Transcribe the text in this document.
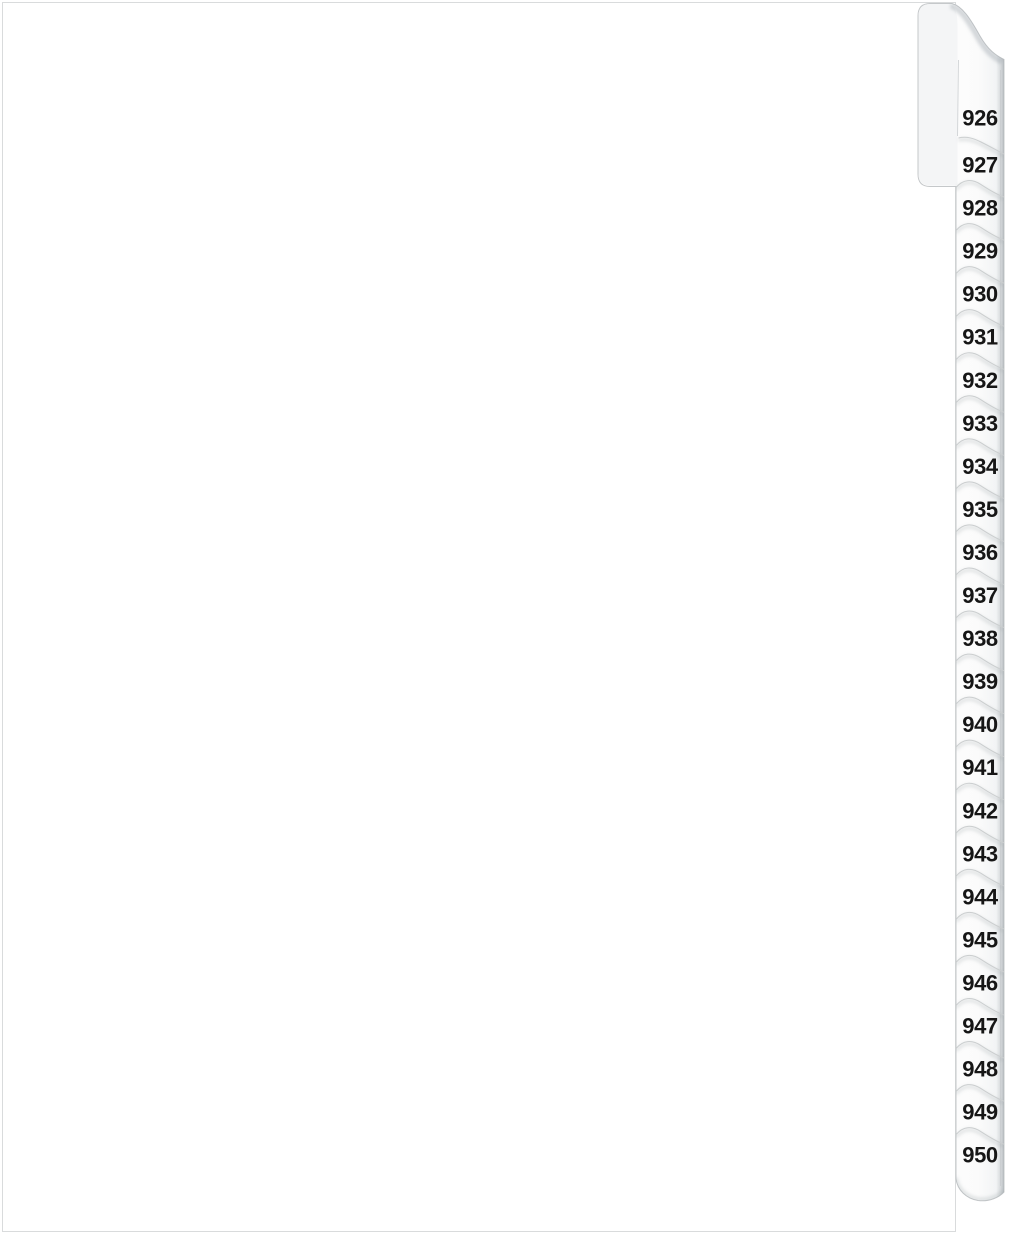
926
927
928
929
930
931
932
933
934
935
936
937
938
939
940
941
942
943
944
945
946
947
948
949
950
